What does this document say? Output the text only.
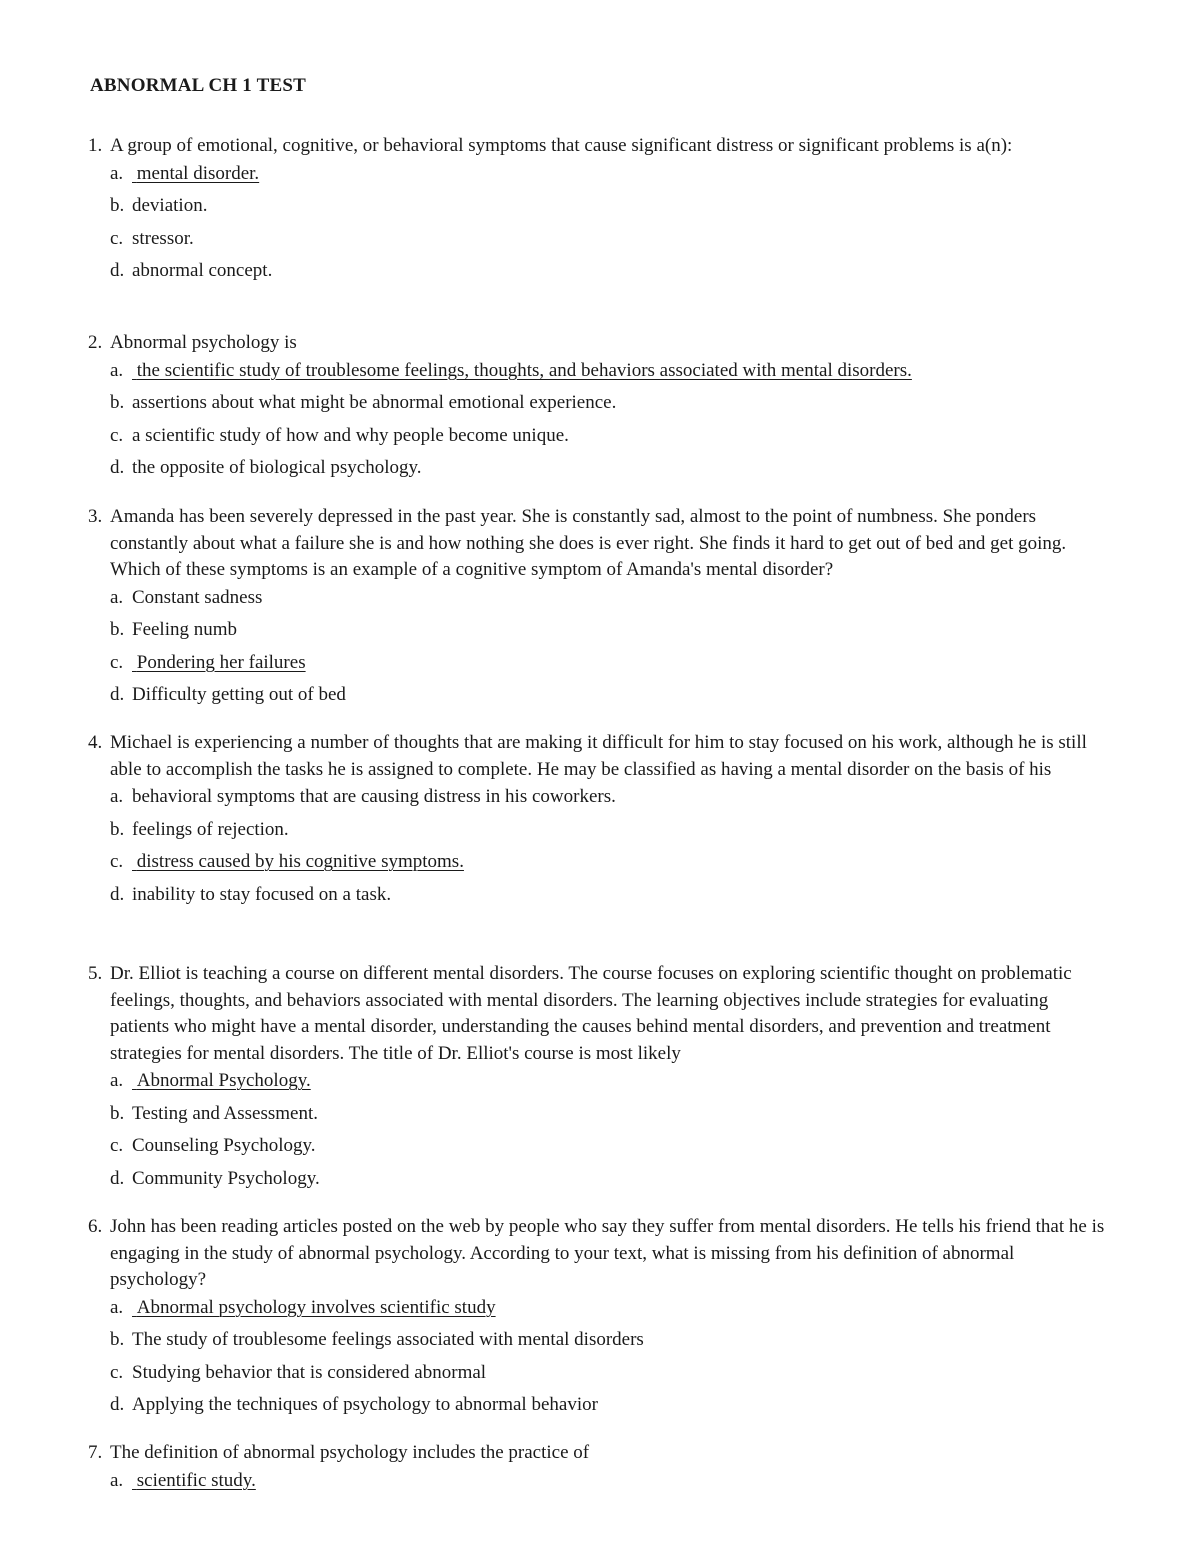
ABNORMAL CH 1 TEST
1. A group of emotional, cognitive, or behavioral symptoms that cause significant distress or significant problems is a(n):
a. mental disorder.
b. deviation.
c. stressor.
d. abnormal concept.
2. Abnormal psychology is
a. the scientific study of troublesome feelings, thoughts, and behaviors associated with mental disorders.
b. assertions about what might be abnormal emotional experience.
c. a scientific study of how and why people become unique.
d. the opposite of biological psychology.
3. Amanda has been severely depressed in the past year. She is constantly sad, almost to the point of numbness. She ponders constantly about what a failure she is and how nothing she does is ever right. She finds it hard to get out of bed and get going. Which of these symptoms is an example of a cognitive symptom of Amanda's mental disorder?
a. Constant sadness
b. Feeling numb
c. Pondering her failures
d. Difficulty getting out of bed
4. Michael is experiencing a number of thoughts that are making it difficult for him to stay focused on his work, although he is still able to accomplish the tasks he is assigned to complete. He may be classified as having a mental disorder on the basis of his
a. behavioral symptoms that are causing distress in his coworkers.
b. feelings of rejection.
c. distress caused by his cognitive symptoms.
d. inability to stay focused on a task.
5. Dr. Elliot is teaching a course on different mental disorders. The course focuses on exploring scientific thought on problematic feelings, thoughts, and behaviors associated with mental disorders. The learning objectives include strategies for evaluating patients who might have a mental disorder, understanding the causes behind mental disorders, and prevention and treatment strategies for mental disorders. The title of Dr. Elliot's course is most likely
a. Abnormal Psychology.
b. Testing and Assessment.
c. Counseling Psychology.
d. Community Psychology.
6. John has been reading articles posted on the web by people who say they suffer from mental disorders. He tells his friend that he is engaging in the study of abnormal psychology. According to your text, what is missing from his definition of abnormal psychology?
a. Abnormal psychology involves scientific study
b. The study of troublesome feelings associated with mental disorders
c. Studying behavior that is considered abnormal
d. Applying the techniques of psychology to abnormal behavior
7. The definition of abnormal psychology includes the practice of
a. scientific study.
